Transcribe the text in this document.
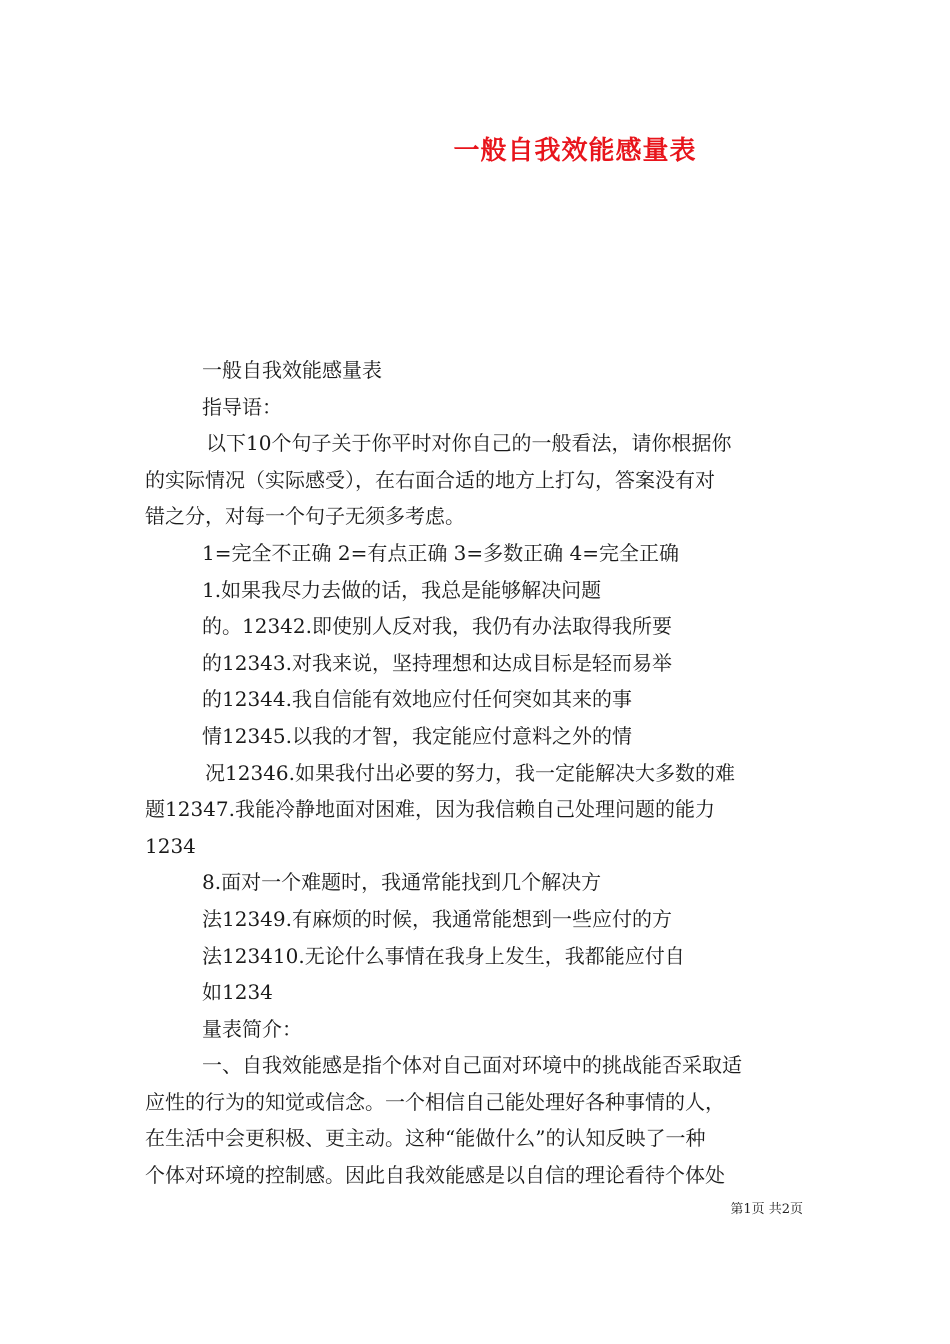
一般自我效能感量表

一般自我效能感量表

指导语：

以下10个句子关于你平时对你自己的一般看法，请你根据你

的实际情况（实际感受），在右面合适的地方上打勾，答案没有对

错之分，对每一个句子无须多考虑。

1=完全不正确 2=有点正确 3=多数正确 4=完全正确

1.如果我尽力去做的话，我总是能够解决问题

的。12342.即使别人反对我，我仍有办法取得我所要

的12343.对我来说，坚持理想和达成目标是轻而易举

的12344.我自信能有效地应付任何突如其来的事

情12345.以我的才智，我定能应付意料之外的情

况12346.如果我付出必要的努力，我一定能解决大多数的难

题12347.我能冷静地面对困难，因为我信赖自己处理问题的能力

1234

8.面对一个难题时，我通常能找到几个解决方

法12349.有麻烦的时候，我通常能想到一些应付的方

法123410.无论什么事情在我身上发生，我都能应付自

如1234

量表简介：

一、自我效能感是指个体对自己面对环境中的挑战能否采取适

应性的行为的知觉或信念。一个相信自己能处理好各种事情的人，

在生活中会更积极、更主动。这种“能做什么”的认知反映了一种

个体对环境的控制感。因此自我效能感是以自信的理论看待个体处

第1页 共2页
